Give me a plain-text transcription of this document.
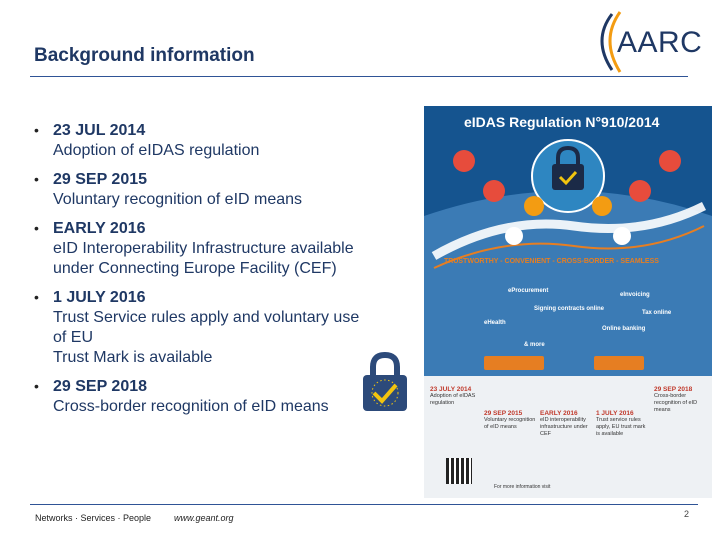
Background information	AARC
• 23 JUL 2014
Adoption of eIDAS regulation
• 29 SEP 2015
Voluntary recognition of eID means
• EARLY 2016
eID Interoperability Infrastructure available
under Connecting Europe Facility (CEF)
• 1 JULY 2016
Trust Service rules apply and voluntary use
of EU
Trust Mark is available
• 29 SEP 2018
Cross-border recognition of eID means
eIDAS Regulation N°910/2014
TRUSTWORTHY - CONVENIENT - CROSS-BORDER - SEAMLESS
eProcurement
eInvoicing
Signing contracts online
Tax online
eHealth
Online banking
& more
23 JULY 2014
Adoption of eIDAS regulation
29 SEP 2015
Voluntary recognition of eID means
EARLY 2016
eID interoperability infrastructure under CEF
1 JULY 2016
Trust service rules apply, EU trust mark is available
29 SEP 2018
Cross-border recognition of eID means
For more information visit
Networks · Services · People	www.geant.org	2
